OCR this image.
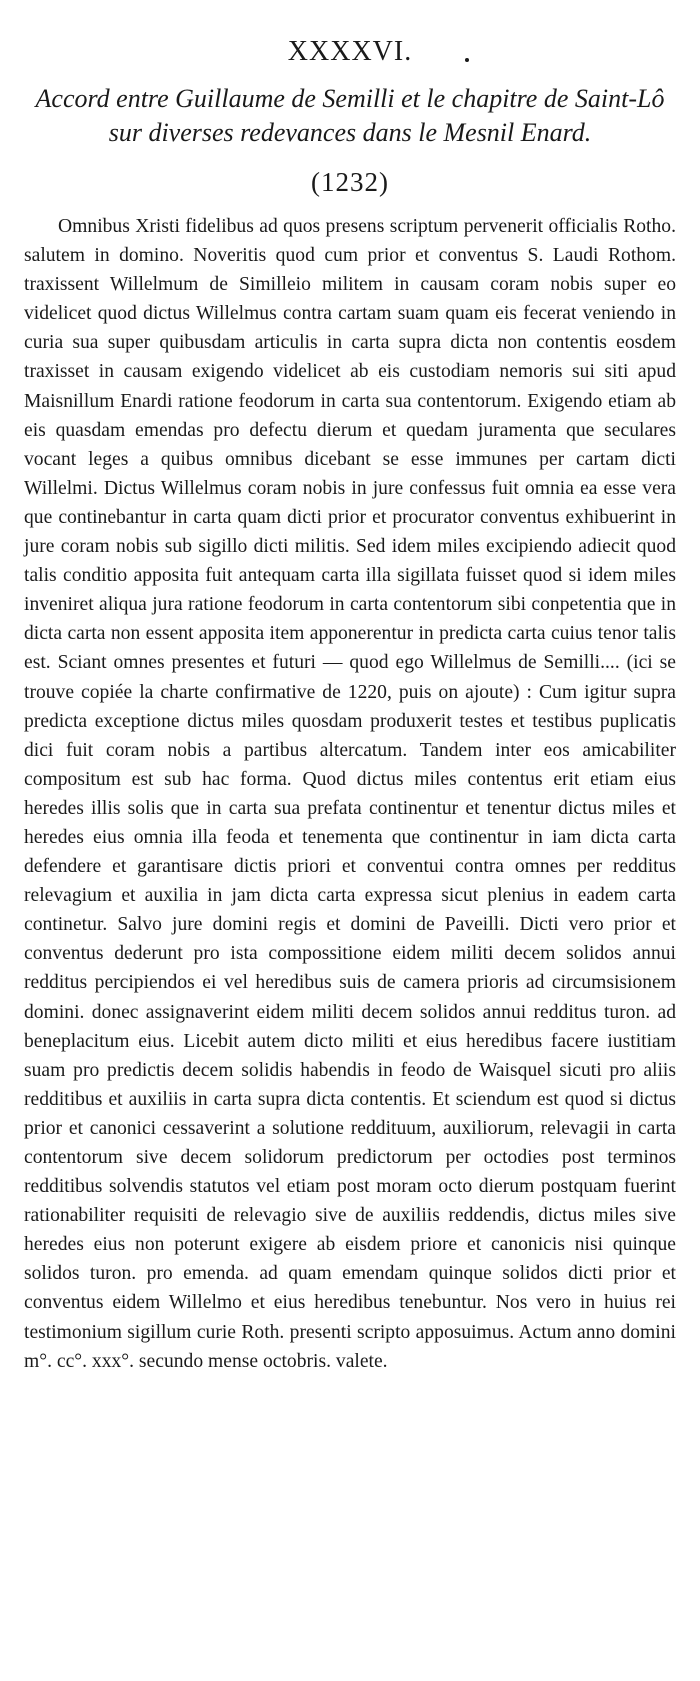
XXXXVI.
Accord entre Guillaume de Semilli et le chapitre de Saint-Lô
sur diverses redevances dans le Mesnil Enard.
(1232)

Omnibus Xristi fidelibus ad quos presens scriptum pervenerit officialis Rotho. salutem in domino. Noveritis quod cum prior et conventus S. Laudi Rothom. traxissent Willelmum de Similleio militem in causam coram nobis super eo videlicet quod dictus Willelmus contra cartam suam quam eis fecerat veniendo in curia sua super quibusdam articulis in carta supra dicta non contentis eosdem traxisset in causam exigendo videlicet ab eis custodiam nemoris sui siti apud Maisnillum Enardi ratione feodorum in carta sua contentorum. Exigendo etiam ab eis quasdam emendas pro defectu dierum et quedam juramenta que seculares vocant leges a quibus omnibus dicebant se esse immunes per cartam dicti Willelmi. Dictus Willelmus coram nobis in jure confessus fuit omnia ea esse vera que continebantur in carta quam dicti prior et procurator conventus exhibuerint in jure coram nobis sub sigillo dicti militis. Sed idem miles excipiendo adiecit quod talis conditio apposita fuit antequam carta illa sigillata fuisset quod si idem miles inveniret aliqua jura ratione feodorum in carta contentorum sibi conpetentia que in dicta carta non essent apposita item apponerentur in predicta carta cuius tenor talis est. Sciant omnes presentes et futuri — quod ego Willelmus de Semilli.... (ici se trouve copiée la charte confirmative de 1220, puis on ajoute) : Cum igitur supra predicta exceptione dictus miles quosdam produxerit testes et testibus puplicatis dici fuit coram nobis a partibus altercatum. Tandem inter eos amicabiliter compositum est sub hac forma. Quod dictus miles contentus erit etiam eius heredes illis solis que in carta sua prefata continentur et tenentur dictus miles et heredes eius omnia illa feoda et tenementa que continentur in iam dicta carta defendere et garantisare dictis priori et conventui contra omnes per redditus relevagium et auxilia in jam dicta carta expressa sicut plenius in eadem carta continetur. Salvo jure domini regis et domini de Paveilli. Dicti vero prior et conventus dederunt pro ista compossitione eidem militi decem solidos annui redditus percipiendos ei vel heredibus suis de camera prioris ad circumsisionem domini. donec assignaverint eidem militi decem solidos annui redditus turon. ad beneplacitum eius. Licebit autem dicto militi et eius heredibus facere iustitiam suam pro predictis decem solidis habendis in feodo de Waisquel sicuti pro aliis redditibus et auxiliis in carta supra dicta contentis. Et sciendum est quod si dictus prior et canonici cessaverint a solutione reddituum, auxiliorum, relevagii in carta contentorum sive decem solidorum predictorum per octodies post terminos redditibus solvendis statutos vel etiam post moram octo dierum postquam fuerint rationabiliter requisiti de relevagio sive de auxiliis reddendis, dictus miles sive heredes eius non poterunt exigere ab eisdem priore et canonicis nisi quinque solidos turon. pro emenda. ad quam emendam quinque solidos dicti prior et conventus eidem Willelmo et eius heredibus tenebuntur. Nos vero in huius rei testimonium sigillum curie Roth. presenti scripto apposuimus. Actum anno domini m°. cc°. xxx°. secundo mense octobris. valete.
